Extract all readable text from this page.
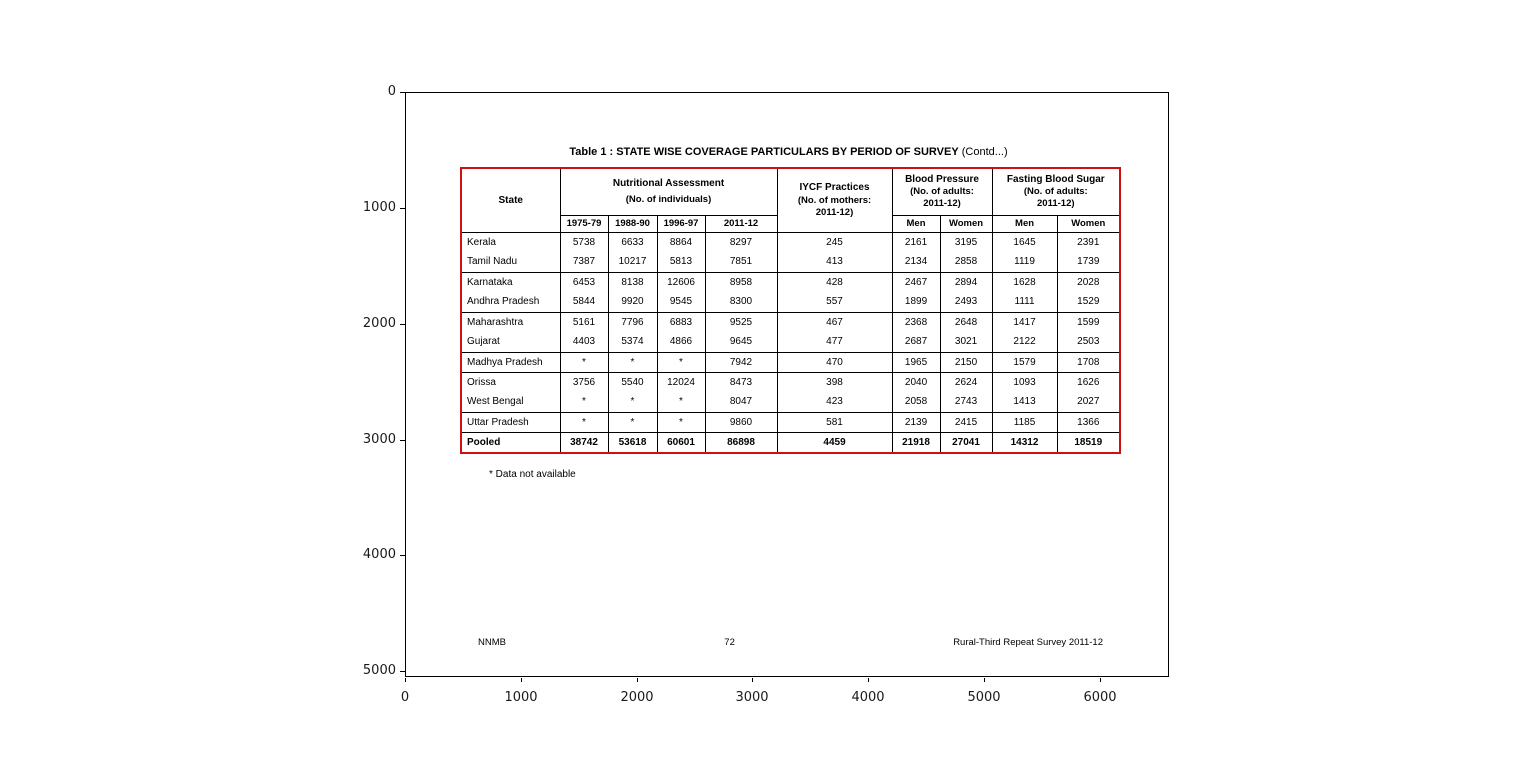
Table 1 : STATE WISE COVERAGE PARTICULARS BY PERIOD OF SURVEY (Contd...)
State	
Nutritional Assessment
(No. of individuals)

IYCF Practices
(No. of mothers:
2011-12)

Blood Pressure
(No. of adults:
2011-12)

Fasting Blood Sugar
(No. of adults:
2011-12)

	1975-79	1988-90	1996-97	2011-12		Men	Women	Men	Women
Kerala	5738	6633	8864	8297	245	2161	3195	1645	2391
Tamil Nadu	7387	10217	5813	7851	413	2134	2858	1119	1739
Karnataka	6453	8138	12606	8958	428	2467	2894	1628	2028
Andhra Pradesh	5844	9920	9545	8300	557	1899	2493	1111	1529
Maharashtra	5161	7796	6883	9525	467	2368	2648	1417	1599
Gujarat	4403	5374	4866	9645	477	2687	3021	2122	2503
Madhya Pradesh	*	*	*	7942	470	1965	2150	1579	1708
Orissa	3756	5540	12024	8473	398	2040	2624	1093	1626
West Bengal	*	*	*	8047	423	2058	2743	1413	2027
Uttar Pradesh	*	*	*	9860	581	2139	2415	1185	1366
Pooled	38742	53618	60601	86898	4459	21918	27041	14312	18519
* Data not available
NNMB	72	Rural-Third Repeat Survey 2011-12
0	1000	2000	3000	4000	5000	6000
0
1000
2000
3000
4000
5000
